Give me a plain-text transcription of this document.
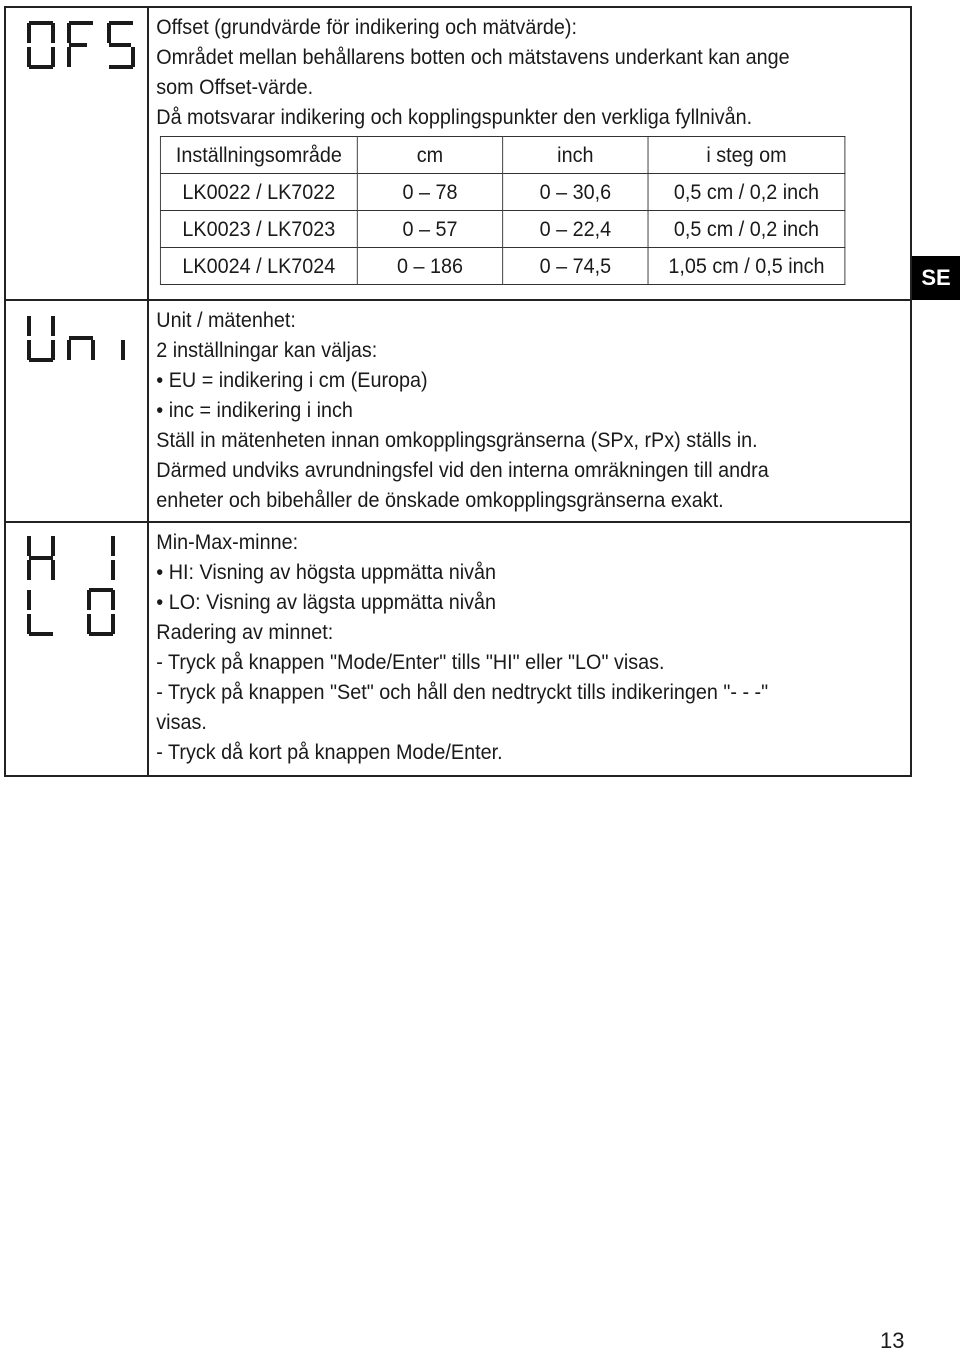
Offset (grundvärde för indikering och mätvärde):
Området mellan behållarens botten och mätstavens underkant kan ange
som Offset-värde.
Då motsvarar indikering och kopplingspunkter den verkliga fyllnivån.
Inställningsområde	cm	inch	i steg om
LK0022 / LK7022	0 – 78	0 – 30,6	0,5 cm / 0,2 inch
LK0023 / LK7023	0 – 57	0 – 22,4	0,5 cm / 0,2 inch
LK0024 / LK7024	0 – 186	0 – 74,5	1,05 cm / 0,5 inch

Unit / mätenhet:
2 inställningar kan väljas:
• EU = indikering i cm (Europa)
• inc = indikering i inch
Ställ in mätenheten innan omkopplingsgränserna (SPx, rPx) ställs in.
Därmed undviks avrundningsfel vid den interna omräkningen till andra
enheter och bibehåller de önskade omkopplingsgränserna exakt.

Min-Max-minne:
• HI: Visning av högsta uppmätta nivån
• LO: Visning av lägsta uppmätta nivån
Radering av minnet:
- Tryck på knappen "Mode/Enter" tills "HI" eller "LO" visas.
- Tryck på knappen "Set" och håll den nedtryckt tills indikeringen "- - -"
visas.
- Tryck då kort på knappen Mode/Enter.
SE
13
